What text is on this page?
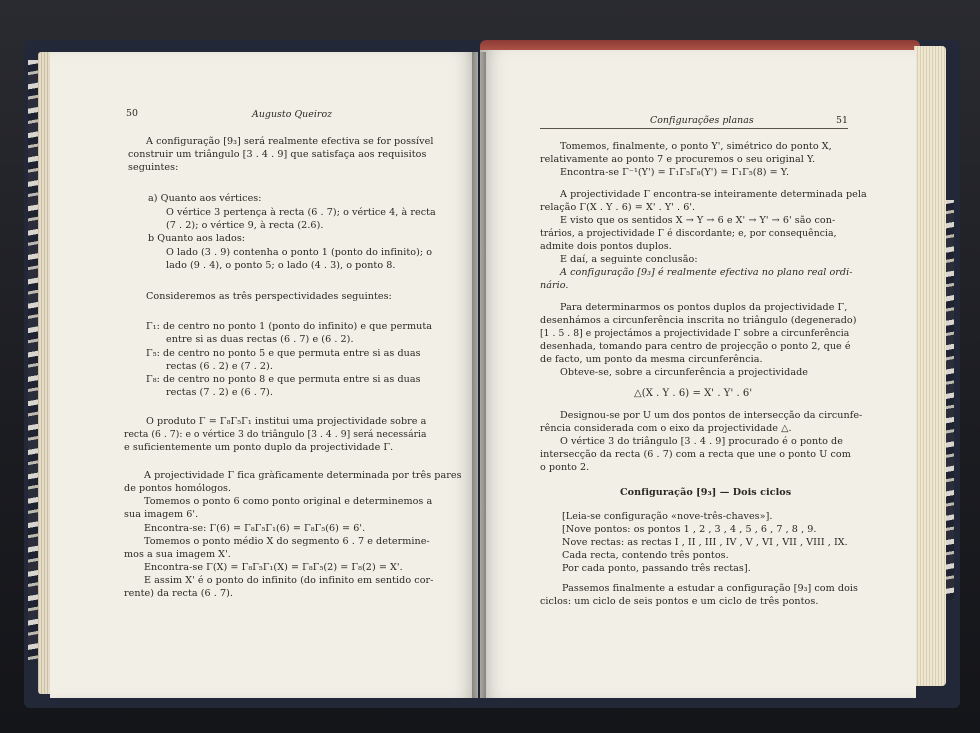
50	Augusto Queiroz
A configuração [9₃] será realmente efectiva se for possível
construir um triângulo [3 . 4 . 9] que satisfaça aos requisitos
seguintes:
a) Quanto aos vértices:
O vértice 3 pertença à recta (6 . 7); o vértice 4, à recta
(7 . 2); o vértice 9, à recta (2.6).
b Quanto aos lados:
O lado (3 . 9) contenha o ponto 1 (ponto do infinito); o
lado (9 . 4), o ponto 5; o lado (4 . 3), o ponto 8.
Consideremos as três perspectividades seguintes:
Γ₁: de centro no ponto 1 (ponto do infinito) e que permuta
entre si as duas rectas (6 . 7) e (6 . 2).
Γ₅: de centro no ponto 5 e que permuta entre si as duas
rectas (6 . 2) e (7 . 2).
Γ₈: de centro no ponto 8 e que permuta entre si as duas
rectas (7 . 2) e (6 . 7).
O produto Γ = Γ₈Γ₅Γ₁ institui uma projectividade sobre a
recta (6 . 7): e o vértice 3 do triângulo [3 . 4 . 9] será necessária
e suficientemente um ponto duplo da projectividade Γ.
A projectividade Γ fica gràficamente determinada por três pares
de pontos homólogos.
Tomemos o ponto 6 como ponto original e determinemos a
sua imagem 6'.
Encontra-se: Γ(6) = Γ₈Γ₅Γ₁(6) = Γ₈Γ₅(6) = 6'.
Tomemos o ponto médio X do segmento 6 . 7 e determine-
mos a sua imagem X'.
Encontra-se Γ(X) = Γ₈Γ₅Γ₁(X) = Γ₈Γ₅(2) = Γ₈(2) = X'.
E assim X' é o ponto do infinito (do infinito em sentido cor-
rente) da recta (6 . 7).
Configurações planas	51
Tomemos, finalmente, o ponto Y', simétrico do ponto X,
relativamente ao ponto 7 e procuremos o seu original Y.
Encontra-se Γ⁻¹(Y') = Γ₁Γ₅Γ₈(Y') = Γ₁Γ₅(8) = Y.
A projectividade Γ encontra-se inteiramente determinada pela
relação Γ(X . Y . 6) = X' . Y' . 6'.
E visto que os sentidos X → Y → 6 e X' → Y' → 6' são con-
trários, a projectividade Γ é discordante; e, por consequência,
admite dois pontos duplos.
E daí, a seguinte conclusão:
A configuração [9₃] é realmente efectiva no plano real ordi-
nário.
Para determinarmos os pontos duplos da projectividade Γ,
desenhámos a circunferência inscrita no triângulo (degenerado)
[1 . 5 . 8] e projectámos a projectividade Γ sobre a circunferência
desenhada, tomando para centro de projecção o ponto 2, que é
de facto, um ponto da mesma circunferência.
Obteve-se, sobre a circunferência a projectividade
△(X . Y . 6) = X' . Y' . 6'
Designou-se por U um dos pontos de intersecção da circunfe-
rência considerada com o eixo da projectividade △.
O vértice 3 do triângulo [3 . 4 . 9] procurado é o ponto de
intersecção da recta (6 . 7) com a recta que une o ponto U com
o ponto 2.
Configuração [9₃] — Dois ciclos
[Leia-se configuração «nove-três-chaves»].
[Nove pontos: os pontos 1 , 2 , 3 , 4 , 5 , 6 , 7 , 8 , 9.
Nove rectas: as rectas I , II , III , IV , V , VI , VII , VIII , IX.
Cada recta, contendo três pontos.
Por cada ponto, passando três rectas].
Passemos finalmente a estudar a configuração [9₃] com dois
ciclos: um ciclo de seis pontos e um ciclo de três pontos.
